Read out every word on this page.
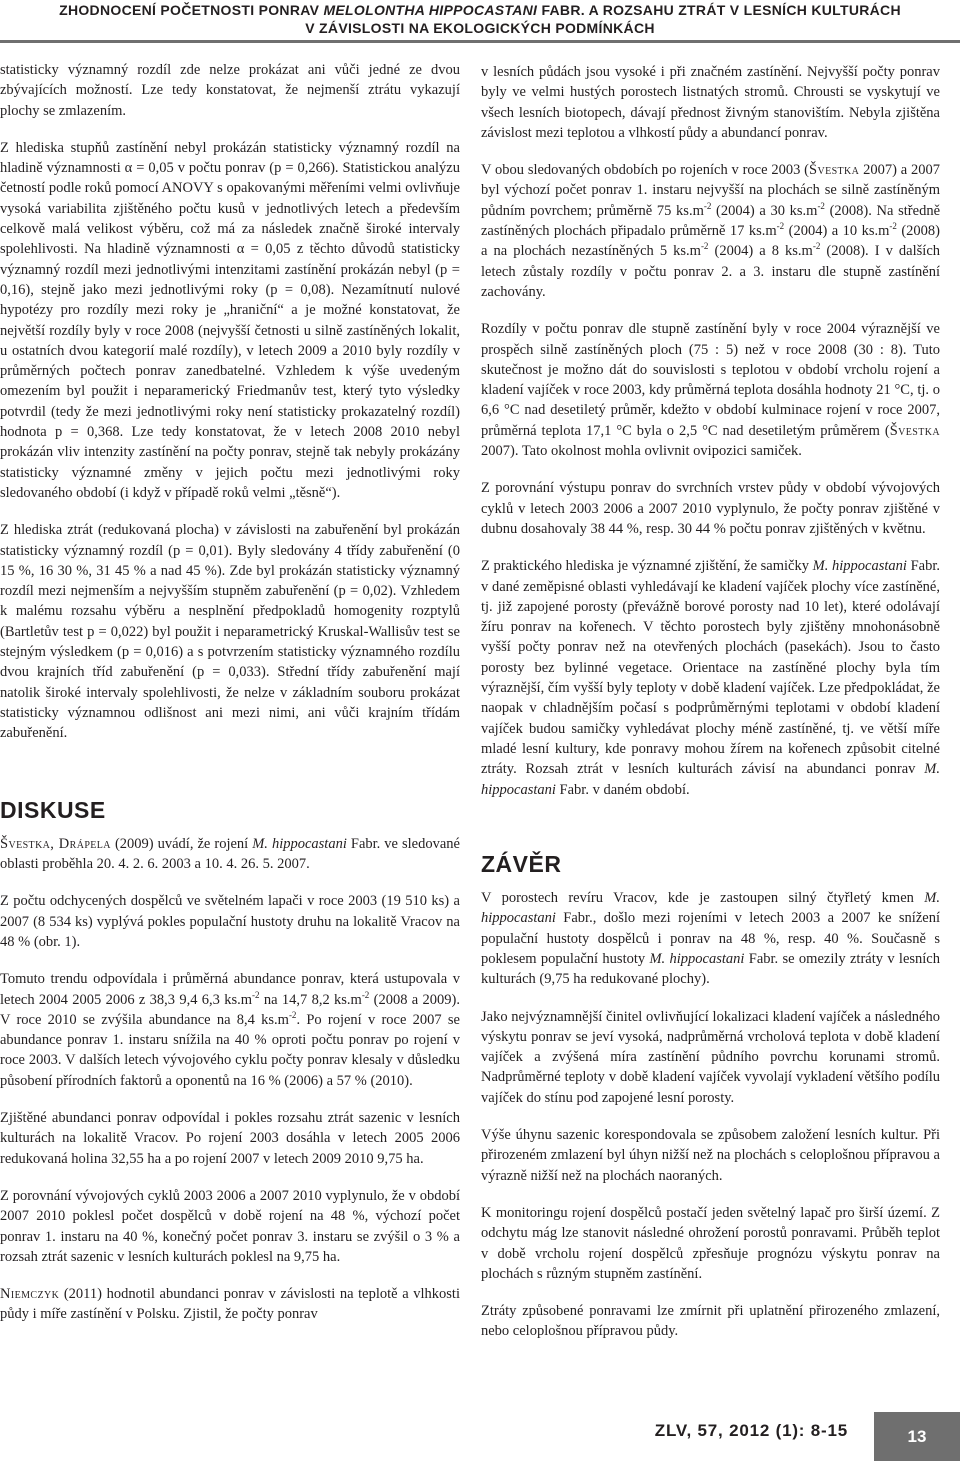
ZHODNOCENÍ POČETNOSTI PONRAV MELOLONTHA HIPPOCASTANI FABR. A ROZSAHU ZTRÁT V LESNÍCH KULTURÁCH
V ZÁVISLOSTI NA EKOLOGICKÝCH PODMÍNKÁCH

statisticky významný rozdíl zde nelze prokázat ani vůči jedné ze dvou zbývajících možností. Lze tedy konstatovat, že nejmenší ztrátu vykazují plochy se zmlazením.

Z hlediska stupňů zastínění nebyl prokázán statisticky významný rozdíl na hladině významnosti α = 0,05 v počtu ponrav (p = 0,266). Statistickou analýzu četností podle roků pomocí ANOVY s opakovanými měřeními velmi ovlivňuje vysoká variabilita zjištěného počtu kusů v jednotlivých letech a především celkově malá velikost výběru, což má za následek značně široké intervaly spolehlivosti. Na hladině významnosti α = 0,05 z těchto důvodů statisticky významný rozdíl mezi jednotlivými intenzitami zastínění prokázán nebyl (p = 0,16), stejně jako mezi jednotlivými roky (p = 0,08). Nezamítnutí nulové hypotézy pro rozdíly mezi roky je „hraniční“ a je možné konstatovat, že největší rozdíly byly v roce 2008 (nejvyšší četnosti u silně zastíněných lokalit, u ostatních dvou kategorií malé rozdíly), v letech 2009 a 2010 byly rozdíly v průměrných počtech ponrav zanedbatelné. Vzhledem k výše uvedeným omezením byl použit i neparamerický Friedmanův test, který tyto výsledky potvrdil (tedy že mezi jednotlivými roky není statisticky prokazatelný rozdíl) hodnota p = 0,368. Lze tedy konstatovat, že v letech 2008 2010 nebyl prokázán vliv intenzity zastínění na počty ponrav, stejně tak nebyly prokázány statisticky významné změny v jejich počtu mezi jednotlivými roky sledovaného období (i když v případě roků velmi „těsně“).

Z hlediska ztrát (redukovaná plocha) v závislosti na zabuřenění byl prokázán statisticky významný rozdíl (p = 0,01). Byly sledovány 4 třídy zabuřenění (0 15 %, 16 30 %, 31 45 % a nad 45 %). Zde byl prokázán statisticky významný rozdíl mezi nejmenším a nejvyšším stupněm zabuřenění (p = 0,02). Vzhledem k malému rozsahu výběru a nesplnění předpokladů homogenity rozptylů (Bartletův test p = 0,022) byl použit i neparametrický Kruskal-Wallisův test se stejným výsledkem (p = 0,016) a s potvrzením statisticky významného rozdílu dvou krajních tříd zabuřenění (p = 0,033). Střední třídy zabuřenění mají natolik široké intervaly spolehlivosti, že nelze v základním souboru prokázat statisticky významnou odlišnost ani mezi nimi, ani vůči krajním třídám zabuřenění.

DISKUSE

Švestka, Drápela (2009) uvádí, že rojení M. hippocastani Fabr. ve sledované oblasti proběhla 20. 4. 2. 6. 2003 a 10. 4. 26. 5. 2007.

Z počtu odchycených dospělců ve světelném lapači v roce 2003 (19 510 ks) a 2007 (8 534 ks) vyplývá pokles populační hustoty druhu na lokalitě Vracov na 48 % (obr. 1).

Tomuto trendu odpovídala i průměrná abundance ponrav, která ustupovala v letech 2004 2005 2006 z 38,3 9,4 6,3 $ks.m^{-2}$ na 14,7 8,2 $ks.m^{-2}$ (2008 a 2009). V roce 2010 se zvýšila abundance na 8,4 $ks.m^{-2}$. Po rojení v roce 2007 se abundance ponrav 1. instaru snížila na 40 % oproti počtu ponrav po rojení v roce 2003. V dalších letech vývojového cyklu počty ponrav klesaly v důsledku působení přírodních faktorů a oponentů na 16 % (2006) a 57 % (2010).

Zjištěné abundanci ponrav odpovídal i pokles rozsahu ztrát sazenic v lesních kulturách na lokalitě Vracov. Po rojení 2003 dosáhla v letech 2005 2006 redukovaná holina 32,55 ha a po rojení 2007 v letech 2009 2010 9,75 ha.

Z porovnání vývojových cyklů 2003 2006 a 2007 2010 vyplynulo, že v období 2007 2010 poklesl počet dospělců v době rojení na 48 %, výchozí počet ponrav 1. instaru na 40 %, konečný počet ponrav 3. instaru se zvýšil o 3 % a rozsah ztrát sazenic v lesních kulturách poklesl na 9,75 ha.

Niemczyk (2011) hodnotil abundanci ponrav v závislosti na teplotě a vlhkosti půdy i míře zastínění v Polsku. Zjistil, že počty ponrav

v lesních půdách jsou vysoké i při značném zastínění. Nejvyšší počty ponrav byly ve velmi hustých porostech listnatých stromů. Chrousti se vyskytují ve všech lesních biotopech, dávají přednost živným stanovištím. Nebyla zjištěna závislost mezi teplotou a vlhkostí půdy a abundancí ponrav.

V obou sledovaných obdobích po rojeních v roce 2003 (Švestka 2007) a 2007 byl výchozí počet ponrav 1. instaru nejvyšší na plochách se silně zastíněným půdním povrchem; průměrně 75 $ks.m^{-2}$ (2004) a 30 $ks.m^{-2}$ (2008). Na středně zastíněných plochách připadalo průměrně 17 $ks.m^{-2}$ (2004) a 10 $ks.m^{-2}$ (2008) a na plochách nezastíněných 5 $ks.m^{-2}$ (2004) a 8 $ks.m^{-2}$ (2008). I v dalších letech zůstaly rozdíly v počtu ponrav 2. a 3. instaru dle stupně zastínění zachovány.

Rozdíly v počtu ponrav dle stupně zastínění byly v roce 2004 výraznější ve prospěch silně zastíněných ploch (75 : 5) než v roce 2008 (30 : 8). Tuto skutečnost je možno dát do souvislosti s teplotou v období vrcholu rojení a kladení vajíček v roce 2003, kdy průměrná teplota dosáhla hodnoty 21 °C, tj. o 6,6 °C nad desetiletý průměr, kdežto v období kulminace rojení v roce 2007, průměrná teplota 17,1 °C byla o 2,5 °C nad desetiletým průměrem (Švestka 2007). Tato okolnost mohla ovlivnit ovipozici samiček.

Z porovnání výstupu ponrav do svrchních vrstev půdy v období vývojových cyklů v letech 2003 2006 a 2007 2010 vyplynulo, že počty ponrav zjištěné v dubnu dosahovaly 38 44 %, resp. 30 44 % počtu ponrav zjištěných v květnu.

Z praktického hlediska je významné zjištění, že samičky M. hippocastani Fabr. v dané zeměpisné oblasti vyhledávají ke kladení vajíček plochy více zastíněné, tj. již zapojené porosty (převážně borové porosty nad 10 let), které odolávají žíru ponrav na kořenech. V těchto porostech byly zjištěny mnohonásobně vyšší počty ponrav než na otevřených plochách (pasekách). Jsou to často porosty bez bylinné vegetace. Orientace na zastíněné plochy byla tím výraznější, čím vyšší byly teploty v době kladení vajíček. Lze předpokládat, že naopak v chladnějším počasí s podprůměrnými teplotami v období kladení vajíček budou samičky vyhledávat plochy méně zastíněné, tj. ve větší míře mladé lesní kultury, kde ponravy mohou žírem na kořenech způsobit citelné ztráty. Rozsah ztrát v lesních kulturách závisí na abundanci ponrav M. hippocastani Fabr. v daném období.

ZÁVĚR

V porostech revíru Vracov, kde je zastoupen silný čtyřletý kmen M. hippocastani Fabr., došlo mezi rojeními v letech 2003 a 2007 ke snížení populační hustoty dospělců i ponrav na 48 %, resp. 40 %. Současně s poklesem populační hustoty M. hippocastani Fabr. se omezily ztráty v lesních kulturách (9,75 ha redukované plochy).

Jako nejvýznamnější činitel ovlivňující lokalizaci kladení vajíček a následného výskytu ponrav se jeví vysoká, nadprůměrná vrcholová teplota v době kladení vajíček a zvýšená míra zastínění půdního povrchu korunami stromů. Nadprůměrné teploty v době kladení vajíček vyvolají vykladení většího podílu vajíček do stínu pod zapojené lesní porosty.

Výše úhynu sazenic korespondovala se způsobem založení lesních kultur. Při přirozeném zmlazení byl úhyn nižší než na plochách s celoplošnou přípravou a výrazně nižší než na plochách naoraných.

K monitoringu rojení dospělců postačí jeden světelný lapač pro širší území. Z odchytu mág lze stanovit následné ohrožení porostů ponravami. Průběh teplot v době vrcholu rojení dospělců zpřesňuje prognózu výskytu ponrav na plochách s různým stupněm zastínění.

Ztráty způsobené ponravami lze zmírnit při uplatnění přirozeného zmlazení, nebo celoplošnou přípravou půdy.

ZLV, 57, 2012 (1): 8-15	13
